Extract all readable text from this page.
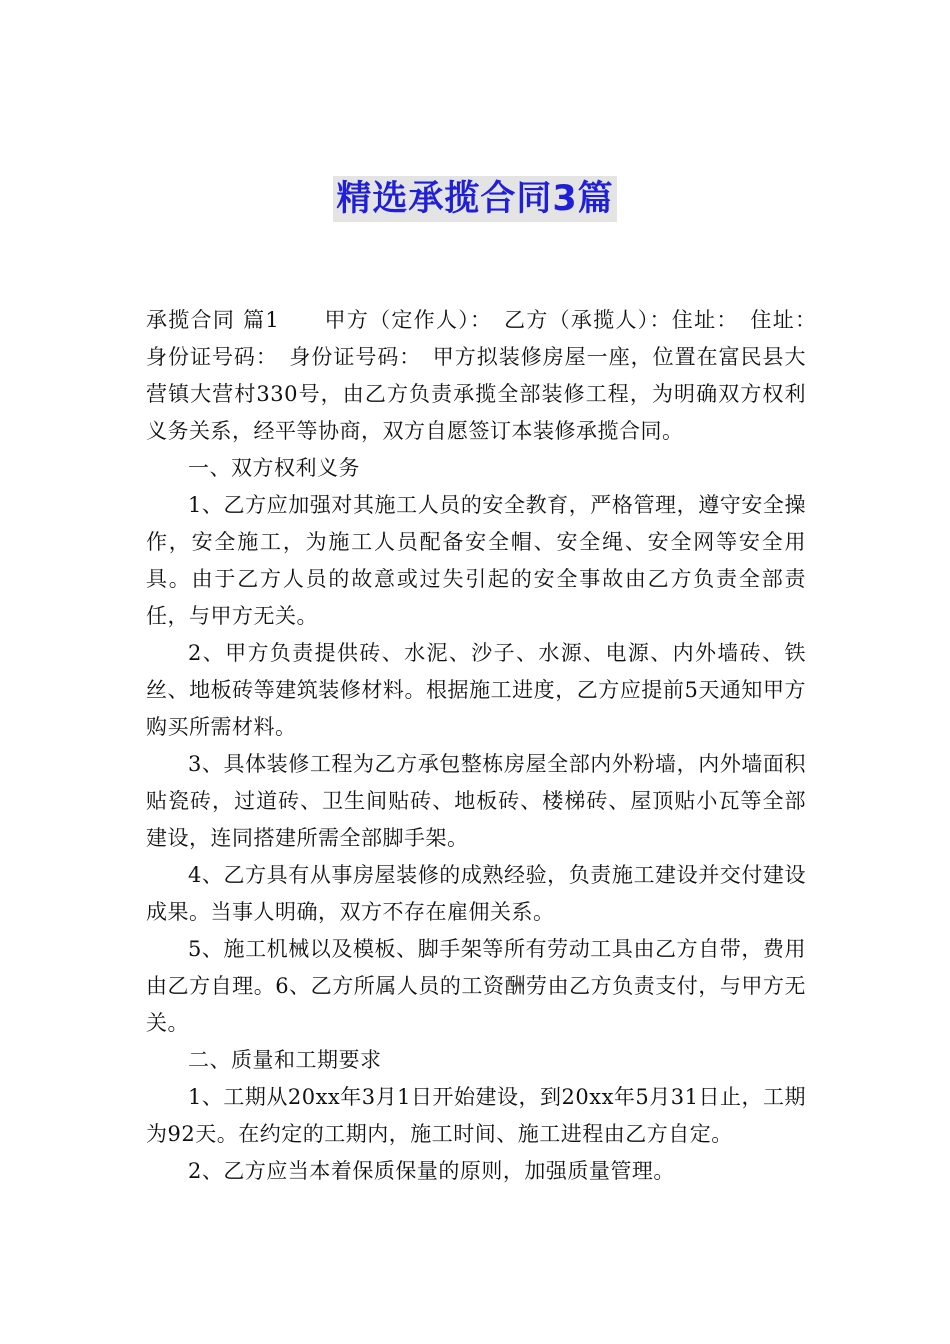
精选承揽合同3篇

承揽合同 篇1　　甲方（定作人）：　乙方（承揽人）：住址：　住址：　身份证号码：　身份证号码：　甲方拟装修房屋一座，位置在富民县大营镇大营村330号，由乙方负责承揽全部装修工程，为明确双方权利义务关系，经平等协商，双方自愿签订本装修承揽合同。

一、双方权利义务

1、乙方应加强对其施工人员的安全教育，严格管理，遵守安全操作，安全施工，为施工人员配备安全帽、安全绳、安全网等安全用具。由于乙方人员的故意或过失引起的安全事故由乙方负责全部责任，与甲方无关。

2、甲方负责提供砖、水泥、沙子、水源、电源、内外墙砖、铁丝、地板砖等建筑装修材料。根据施工进度，乙方应提前5天通知甲方购买所需材料。

3、具体装修工程为乙方承包整栋房屋全部内外粉墙，内外墙面积贴瓷砖，过道砖、卫生间贴砖、地板砖、楼梯砖、屋顶贴小瓦等全部建设，连同搭建所需全部脚手架。

4、乙方具有从事房屋装修的成熟经验，负责施工建设并交付建设成果。当事人明确，双方不存在雇佣关系。

5、施工机械以及模板、脚手架等所有劳动工具由乙方自带，费用由乙方自理。6、乙方所属人员的工资酬劳由乙方负责支付，与甲方无关。

二、质量和工期要求

1、工期从20xx年3月1日开始建设，到20xx年5月31日止，工期为92天。在约定的工期内，施工时间、施工进程由乙方自定。

2、乙方应当本着保质保量的原则，加强质量管理。
